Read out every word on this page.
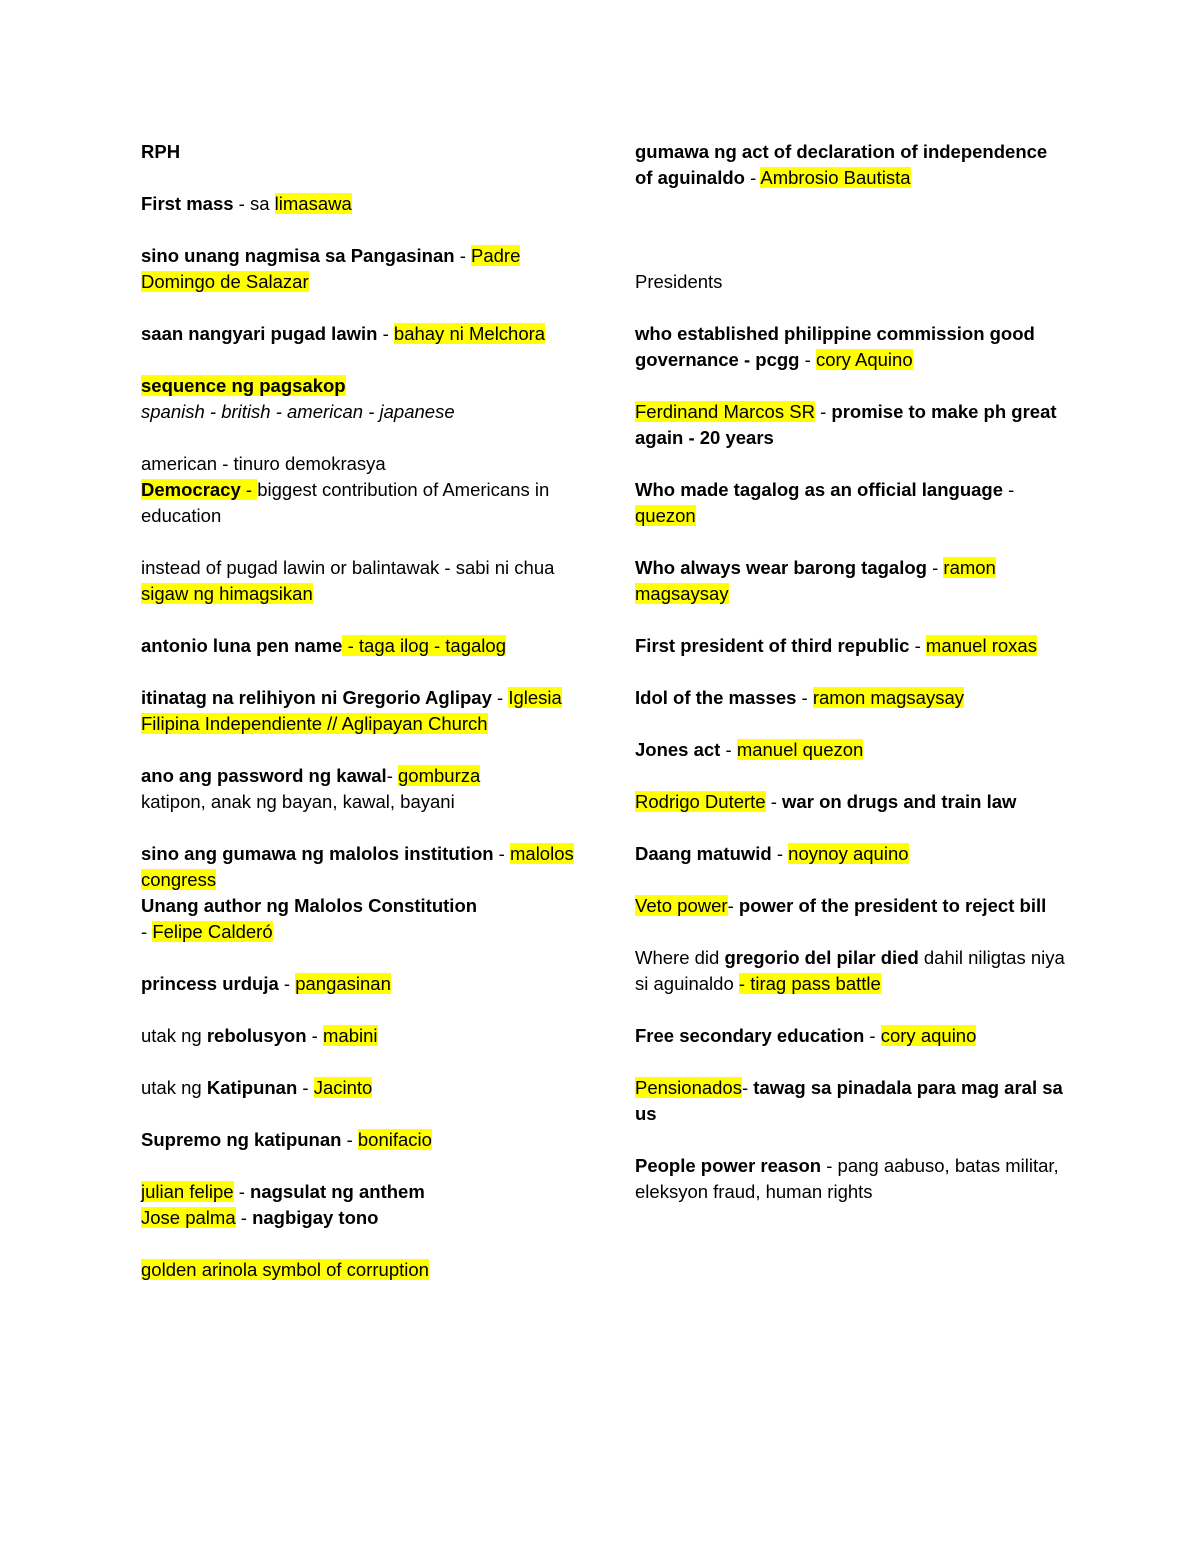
RPH

First mass - sa limasawa

sino unang nagmisa sa Pangasinan - Padre Domingo de Salazar

saan nangyari pugad lawin - bahay ni Melchora

sequence ng pagsakop
spanish - british - american - japanese
american - tinuro demokrasya
Democracy - biggest contribution of Americans in education

instead of pugad lawin or balintawak - sabi ni chua sigaw ng himagsikan

antonio luna pen name - taga ilog - tagalog

itinatag na relihiyon ni Gregorio Aglipay - Iglesia Filipina Independiente // Aglipayan Church

ano ang password ng kawal- gomburza
katipon, anak ng bayan, kawal, bayani
sino ang gumawa ng malolos institution - malolos congress
Unang author ng Malolos Constitution
- Felipe Calderó

princess urduja - pangasinan

utak ng rebolusyon - mabini

utak ng Katipunan - Jacinto

Supremo ng katipunan - bonifacio

julian felipe - nagsulat ng anthem
Jose palma - nagbigay tono

golden arinola symbol of corruption

gumawa ng act of declaration of independence of aguinaldo - Ambrosio Bautista

Presidents

who established philippine commission good governance - pcgg - cory Aquino

Ferdinand Marcos SR - promise to make ph great again - 20 years

Who made tagalog as an official language - quezon

Who always wear barong tagalog - ramon magsaysay

First president of third republic - manuel roxas

Idol of the masses - ramon magsaysay

Jones act - manuel quezon

Rodrigo Duterte - war on drugs and train law

Daang matuwid - noynoy aquino

Veto power- power of the president to reject bill

Where did gregorio del pilar died dahil niligtas niya si aguinaldo - tirag pass battle

Free secondary education - cory aquino

Pensionados- tawag sa pinadala para mag aral sa us

People power reason - pang aabuso, batas militar, eleksyon fraud, human rights
